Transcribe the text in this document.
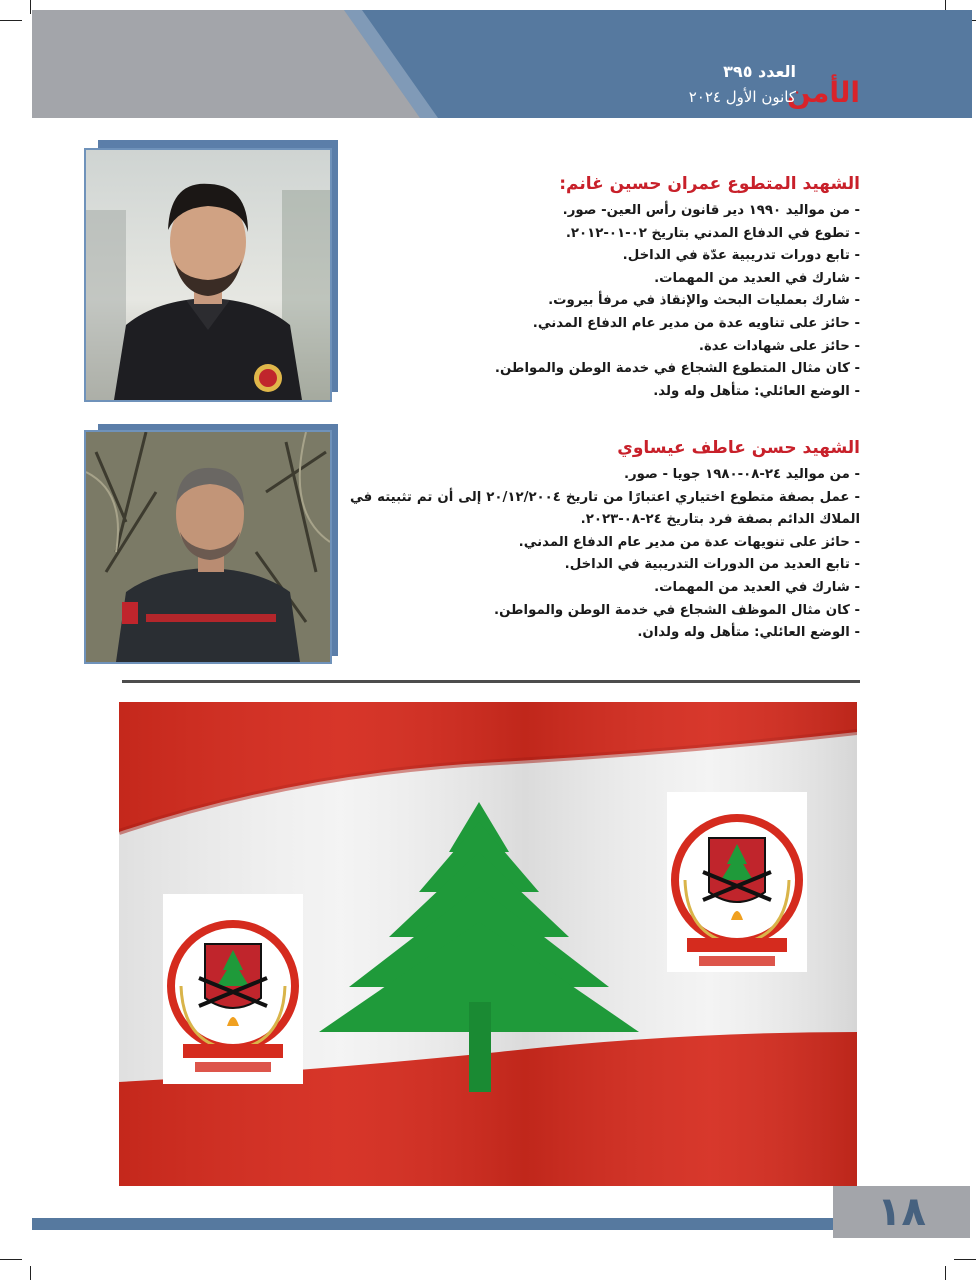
الأمن
العدد ٣٩٥
كانون الأول ٢٠٢٤
الشهيد المتطوع عمران حسين غانم:
- من مواليد ١٩٩٠ دير قانون رأس العين- صور.
- تطوع في الدفاع المدني بتاريخ ٠٢-٠١-٢٠١٢.
- تابع دورات تدريبية عدّة في الداخل.
- شارك في العديد من المهمات.
- شارك بعمليات البحث والإنقاذ في مرفأ بيروت.
- حائز على تناويه عدة من مدير عام الدفاع المدني.
- حائز على شهادات عدة.
- كان مثال المتطوع الشجاع في خدمة الوطن والمواطن.
- الوضع العائلي: متأهل وله ولد.
الشهيد حسن عاطف عيساوي
- من مواليد ٢٤-٠٨-١٩٨٠ جويا - صور.
- عمل بصفة متطوع اختياري اعتبارًا من تاريخ ٢٠/١٢/٢٠٠٤ إلى أن تم تثبيته في الملاك الدائم بصفة فرد بتاريخ ٢٤-٠٨-٢٠٢٣.
- حائز على تنويهات عدة من مدير عام الدفاع المدني.
- تابع العديد من الدورات التدريبية في الداخل.
- شارك في العديد من المهمات.
- كان مثال الموظف الشجاع في خدمة الوطن والمواطن.
- الوضع العائلي: متأهل وله ولدان.
١٨
